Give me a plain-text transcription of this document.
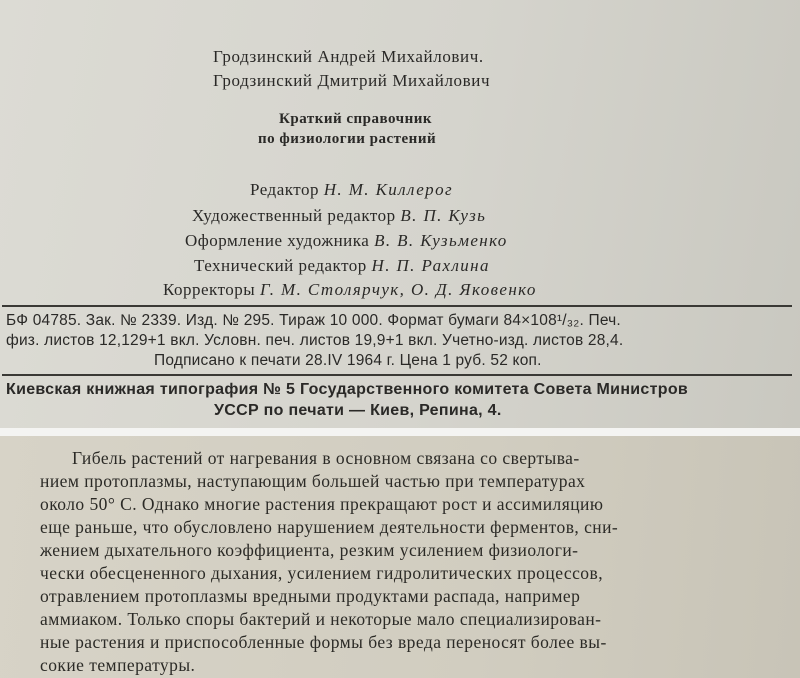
Гродзинский Андрей Михайлович.
Гродзинский Дмитрий Михайлович
Краткий справочник
по физиологии растений
Редактор Н. М. Киллерог
Художественный редактор В. П. Кузь
Оформление художника В. В. Кузьменко
Технический редактор Н. П. Рахлина
Корректоры Г. М. Столярчук, О. Д. Яковенко
БФ 04785. Зак. № 2339. Изд. № 295. Тираж 10 000. Формат бумаги 84×108¹/₃₂. Печ.
физ. листов 12,129+1 вкл. Условн. печ. листов 19,9+1 вкл. Учетно-изд. листов 28,4.
Подписано к печати 28.IV 1964 г. Цена 1 руб. 52 коп.
Киевская книжная типография № 5 Государственного комитета Совета Министров
УССР по печати — Киев, Репина, 4.
Гибель растений от нагревания в основном связана со свертыва-
нием протоплазмы, наступающим большей частью при температурах
около 50° С. Однако многие растения прекращают рост и ассимиляцию
еще раньше, что обусловлено нарушением деятельности ферментов, сни-
жением дыхательного коэффициента, резким усилением физиологи-
чески обесцененного дыхания, усилением гидролитических процессов,
отравлением протоплазмы вредными продуктами распада, например
аммиаком. Только споры бактерий и некоторые мало специализирован-
ные растения и приспособленные формы без вреда переносят более вы-
сокие температуры.
